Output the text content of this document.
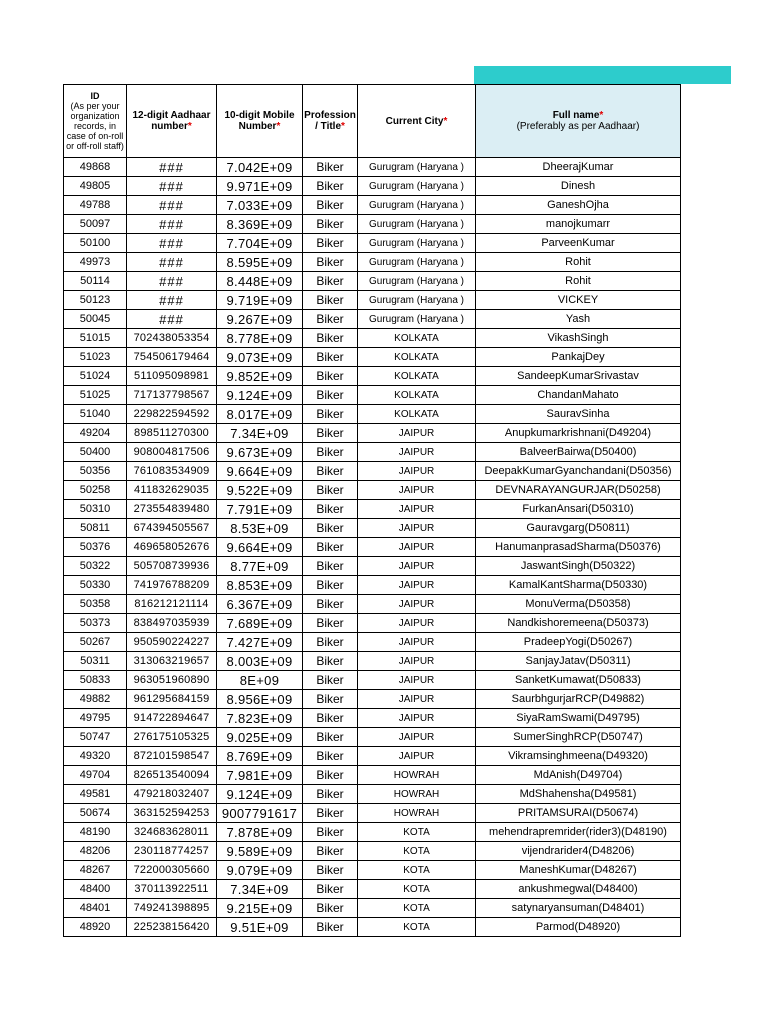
ID
(As per your organization records, in case of on-roll or off-roll staff)	12-digit Aadhaar number*	10-digit Mobile Number*	Profession / Title*	Current City*	Full name*
(Preferably as per Aadhaar)
49868	###	7.042E+09	Biker	Gurugram (Haryana )	DheerajKumar
49805	###	9.971E+09	Biker	Gurugram (Haryana )	Dinesh
49788	###	7.033E+09	Biker	Gurugram (Haryana )	GaneshOjha
50097	###	8.369E+09	Biker	Gurugram (Haryana )	manojkumarr
50100	###	7.704E+09	Biker	Gurugram (Haryana )	ParveenKumar
49973	###	8.595E+09	Biker	Gurugram (Haryana )	Rohit
50114	###	8.448E+09	Biker	Gurugram (Haryana )	Rohit
50123	###	9.719E+09	Biker	Gurugram (Haryana )	VICKEY
50045	###	9.267E+09	Biker	Gurugram (Haryana )	Yash
51015	702438053354	8.778E+09	Biker	KOLKATA	VikashSingh
51023	754506179464	9.073E+09	Biker	KOLKATA	PankajDey
51024	511095098981	9.852E+09	Biker	KOLKATA	SandeepKumarSrivastav
51025	717137798567	9.124E+09	Biker	KOLKATA	ChandanMahato
51040	229822594592	8.017E+09	Biker	KOLKATA	SauravSinha
49204	898511270300	7.34E+09	Biker	JAIPUR	Anupkumarkrishnani(D49204)
50400	908004817506	9.673E+09	Biker	JAIPUR	BalveerBairwa(D50400)
50356	761083534909	9.664E+09	Biker	JAIPUR	DeepakKumarGyanchandani(D50356)
50258	411832629035	9.522E+09	Biker	JAIPUR	DEVNARAYANGURJAR(D50258)
50310	273554839480	7.791E+09	Biker	JAIPUR	FurkanAnsari(D50310)
50811	674394505567	8.53E+09	Biker	JAIPUR	Gauravgarg(D50811)
50376	469658052676	9.664E+09	Biker	JAIPUR	HanumanprasadSharma(D50376)
50322	505708739936	8.77E+09	Biker	JAIPUR	JaswantSingh(D50322)
50330	741976788209	8.853E+09	Biker	JAIPUR	KamalKantSharma(D50330)
50358	816212121114	6.367E+09	Biker	JAIPUR	MonuVerma(D50358)
50373	838497035939	7.689E+09	Biker	JAIPUR	Nandkishoremeena(D50373)
50267	950590224227	7.427E+09	Biker	JAIPUR	PradeepYogi(D50267)
50311	313063219657	8.003E+09	Biker	JAIPUR	SanjayJatav(D50311)
50833	963051960890	8E+09	Biker	JAIPUR	SanketKumawat(D50833)
49882	961295684159	8.956E+09	Biker	JAIPUR	SaurbhgurjarRCP(D49882)
49795	914722894647	7.823E+09	Biker	JAIPUR	SiyaRamSwami(D49795)
50747	276175105325	9.025E+09	Biker	JAIPUR	SumerSinghRCP(D50747)
49320	872101598547	8.769E+09	Biker	JAIPUR	Vikramsinghmeena(D49320)
49704	826513540094	7.981E+09	Biker	HOWRAH	MdAnish(D49704)
49581	479218032407	9.124E+09	Biker	HOWRAH	MdShahensha(D49581)
50674	363152594253	9007791617	Biker	HOWRAH	PRITAMSURAI(D50674)
48190	324683628011	7.878E+09	Biker	KOTA	mehendrapremrider(rider3)(D48190)
48206	230118774257	9.589E+09	Biker	KOTA	vijendrarider4(D48206)
48267	722000305660	9.079E+09	Biker	KOTA	ManeshKumar(D48267)
48400	370113922511	7.34E+09	Biker	KOTA	ankushmegwal(D48400)
48401	749241398895	9.215E+09	Biker	KOTA	satynaryansuman(D48401)
48920	225238156420	9.51E+09	Biker	KOTA	Parmod(D48920)
